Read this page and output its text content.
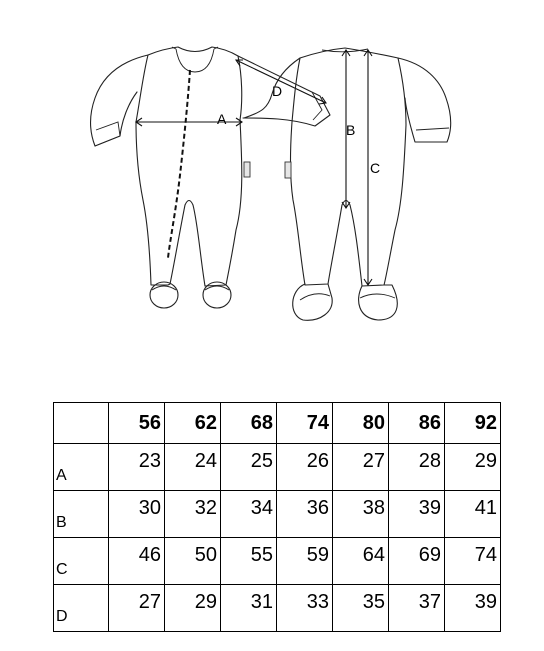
A
D
B
C
	56	62	68	74	80	86	92
A	23	24	25	26	27	28	29
B	30	32	34	36	38	39	41
C	46	50	55	59	64	69	74
D	27	29	31	33	35	37	39
